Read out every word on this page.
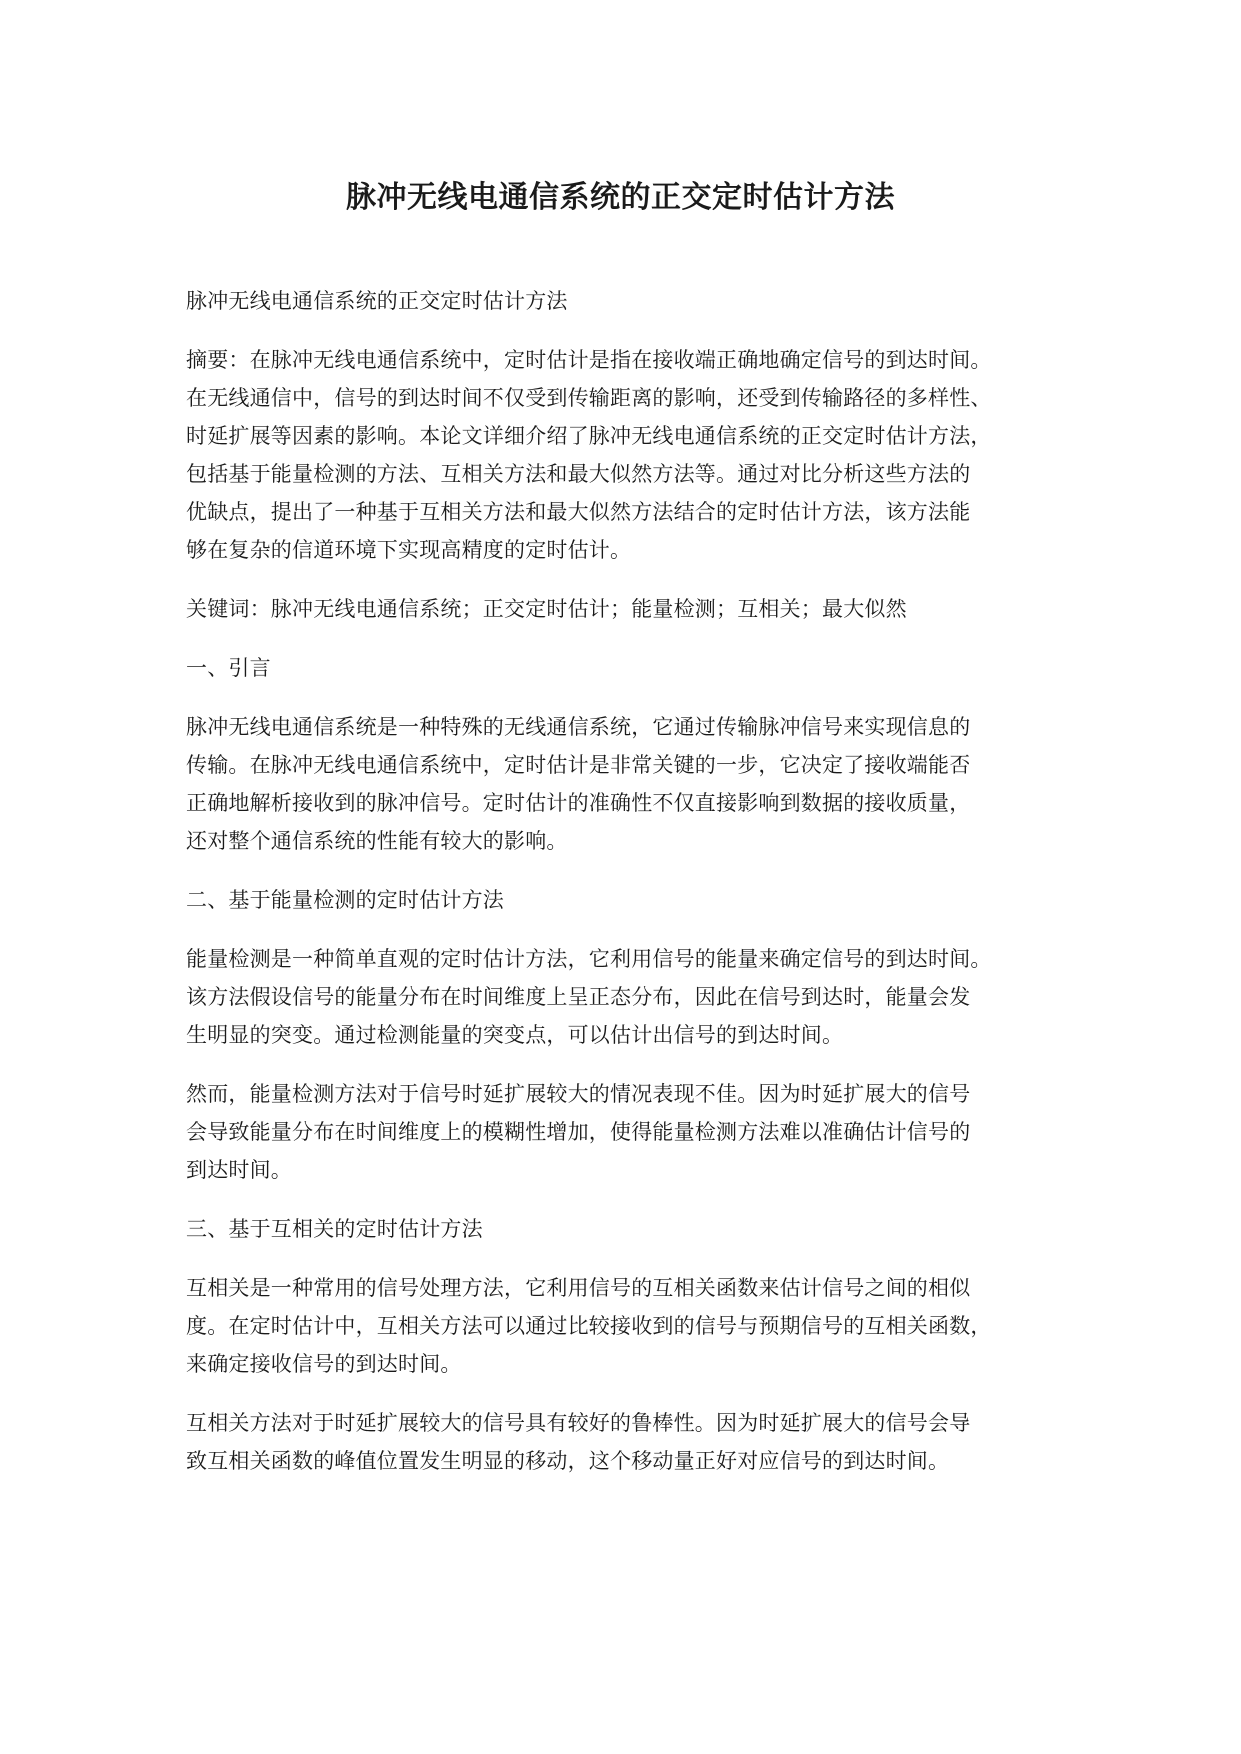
脉冲无线电通信系统的正交定时估计方法

脉冲无线电通信系统的正交定时估计方法

摘要：在脉冲无线电通信系统中，定时估计是指在接收端正确地确定信号的到达时间。
在无线通信中，信号的到达时间不仅受到传输距离的影响，还受到传输路径的多样性、
时延扩展等因素的影响。本论文详细介绍了脉冲无线电通信系统的正交定时估计方法，
包括基于能量检测的方法、互相关方法和最大似然方法等。通过对比分析这些方法的
优缺点，提出了一种基于互相关方法和最大似然方法结合的定时估计方法，该方法能
够在复杂的信道环境下实现高精度的定时估计。

关键词：脉冲无线电通信系统；正交定时估计；能量检测；互相关；最大似然

一、引言

脉冲无线电通信系统是一种特殊的无线通信系统，它通过传输脉冲信号来实现信息的
传输。在脉冲无线电通信系统中，定时估计是非常关键的一步，它决定了接收端能否
正确地解析接收到的脉冲信号。定时估计的准确性不仅直接影响到数据的接收质量，
还对整个通信系统的性能有较大的影响。

二、基于能量检测的定时估计方法

能量检测是一种简单直观的定时估计方法，它利用信号的能量来确定信号的到达时间。
该方法假设信号的能量分布在时间维度上呈正态分布，因此在信号到达时，能量会发
生明显的突变。通过检测能量的突变点，可以估计出信号的到达时间。

然而，能量检测方法对于信号时延扩展较大的情况表现不佳。因为时延扩展大的信号
会导致能量分布在时间维度上的模糊性增加，使得能量检测方法难以准确估计信号的
到达时间。

三、基于互相关的定时估计方法

互相关是一种常用的信号处理方法，它利用信号的互相关函数来估计信号之间的相似
度。在定时估计中，互相关方法可以通过比较接收到的信号与预期信号的互相关函数，
来确定接收信号的到达时间。

互相关方法对于时延扩展较大的信号具有较好的鲁棒性。因为时延扩展大的信号会导
致互相关函数的峰值位置发生明显的移动，这个移动量正好对应信号的到达时间。
